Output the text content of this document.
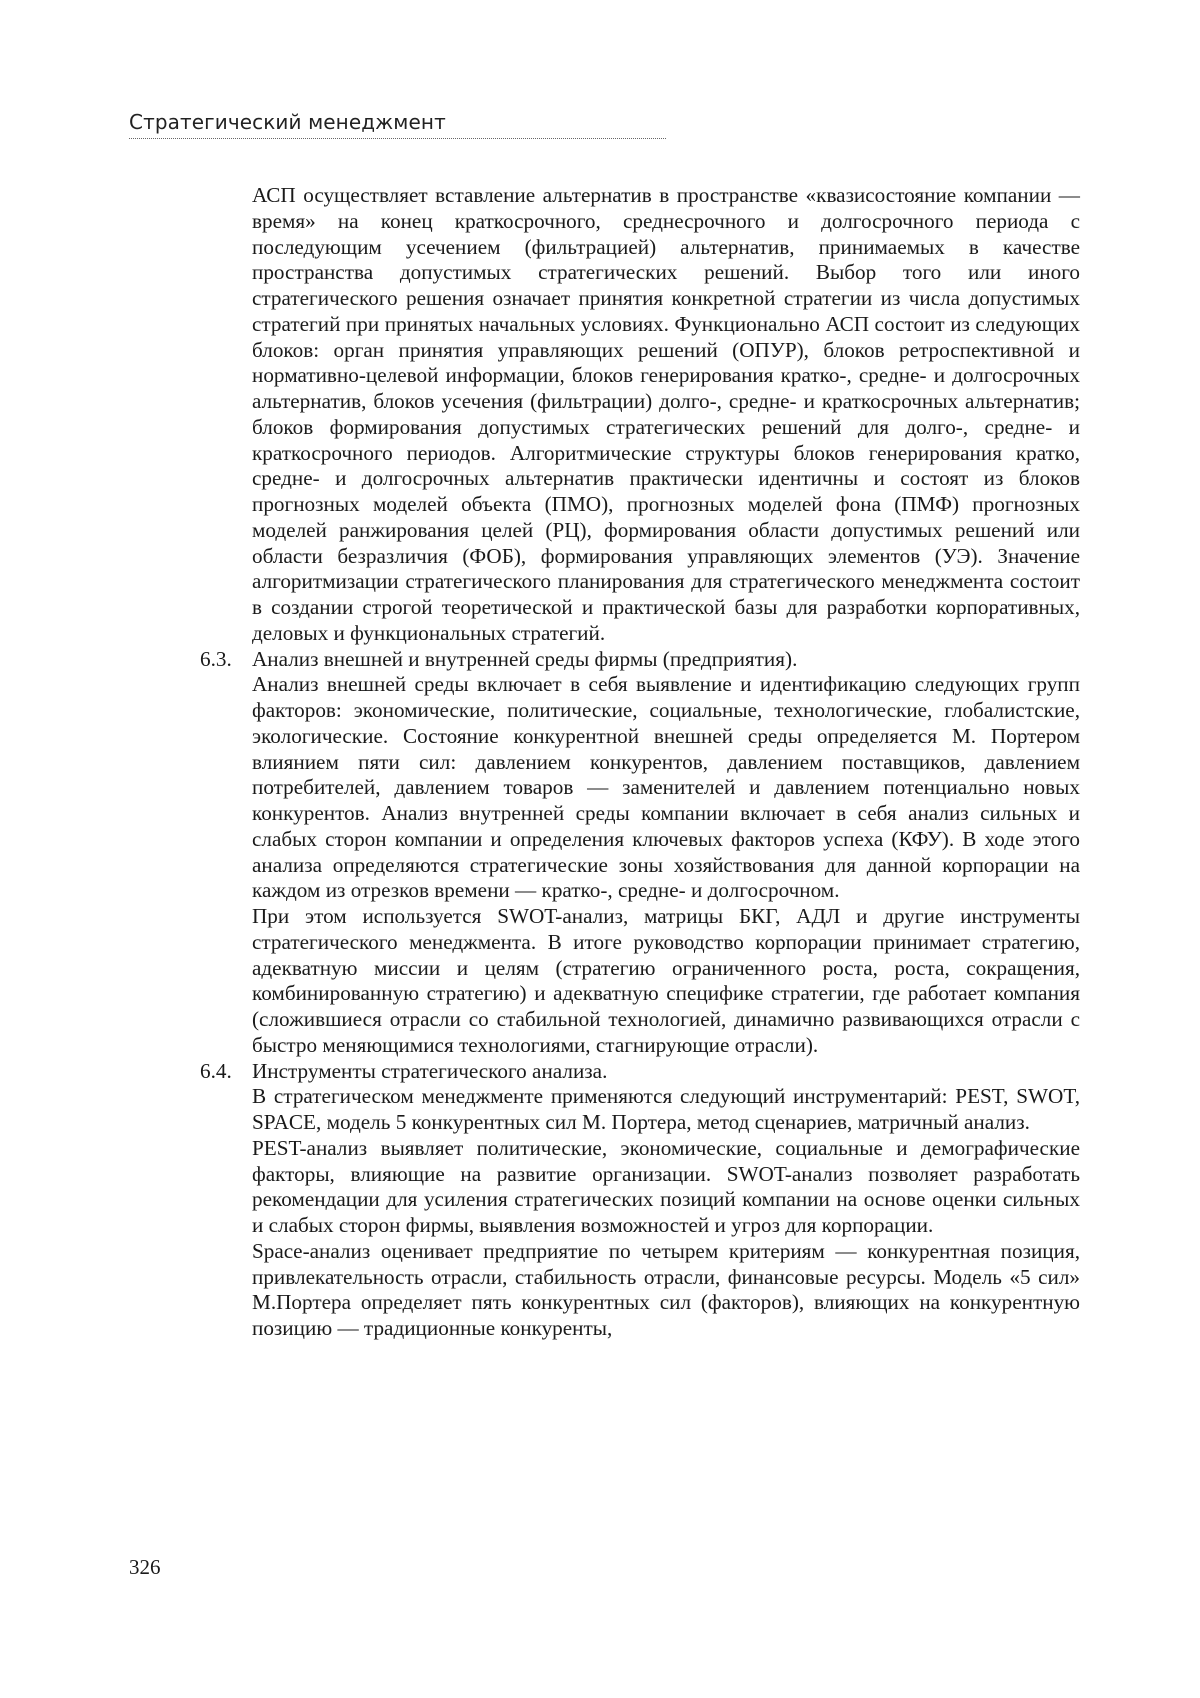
Стратегический менеджмент

АСП осуществляет вставление альтернатив в пространстве «квазисостояние компании — время» на конец краткосрочного, среднесрочного и долгосрочного периода с последующим усечением (фильтрацией) альтернатив, принимаемых в качестве пространства допустимых стратегических решений. Выбор того или иного стратегического решения означает принятия конкретной стратегии из числа допустимых стратегий при принятых начальных условиях. Функционально АСП состоит из следующих блоков: орган принятия управляющих решений (ОПУР), блоков ретроспективной и нормативно-целевой информации, блоков генерирования кратко-, средне- и долгосрочных альтернатив, блоков усечения (фильтрации) долго-, средне- и краткосрочных альтернатив; блоков формирования допустимых стратегических решений для долго-, средне- и краткосрочного периодов. Алгоритмические структуры блоков генерирования кратко, средне- и долгосрочных альтернатив практически идентичны и состоят из блоков прогнозных моделей объекта (ПМО), прогнозных моделей фона (ПМФ) прогнозных моделей ранжирования целей (РЦ), формирования области допустимых решений или области безразличия (ФОБ), формирования управляющих элементов (УЭ). Значение алгоритмизации стратегического планирования для стратегического менеджмента состоит в создании строгой теоретической и практической базы для разработки корпоративных, деловых и функциональных стратегий.

6.3. Анализ внешней и внутренней среды фирмы (предприятия).

Анализ внешней среды включает в себя выявление и идентификацию следующих групп факторов: экономические, политические, социальные, технологические, глобалистские, экологические. Состояние конкурентной внешней среды определяется М. Портером влиянием пяти сил: давлением конкурентов, давлением поставщиков, давлением потребителей, давлением товаров — заменителей и давлением потенциально новых конкурентов. Анализ внутренней среды компании включает в себя анализ сильных и слабых сторон компании и определения ключевых факторов успеха (КФУ). В ходе этого анализа определяются стратегические зоны хозяйствования для данной корпорации на каждом из отрезков времени — кратко-, средне- и долгосрочном.

При этом используется SWOT-анализ, матрицы БКГ, АДЛ и другие инструменты стратегического менеджмента. В итоге руководство корпорации принимает стратегию, адекватную миссии и целям (стратегию ограниченного роста, роста, сокращения, комбинированную стратегию) и адекватную специфике стратегии, где работает компания (сложившиеся отрасли со стабильной технологией, динамично развивающихся отрасли с быстро меняющимися технологиями, стагнирующие отрасли).

6.4. Инструменты стратегического анализа.

В стратегическом менеджменте применяются следующий инструментарий: PEST, SWOT, SPACE, модель 5 конкурентных сил М. Портера, метод сценариев, матричный анализ.

PEST-анализ выявляет политические, экономические, социальные и демографические факторы, влияющие на развитие организации. SWOT-анализ позволяет разработать рекомендации для усиления стратегических позиций компании на основе оценки сильных и слабых сторон фирмы, выявления возможностей и угроз для корпорации.

Space-анализ оценивает предприятие по четырем критериям — конкурентная позиция, привлекательность отрасли, стабильность отрасли, финансовые ресурсы. Модель «5 сил» М.Портера определяет пять конкурентных сил (факторов), влияющих на конкурентную позицию — традиционные конкуренты,

326
